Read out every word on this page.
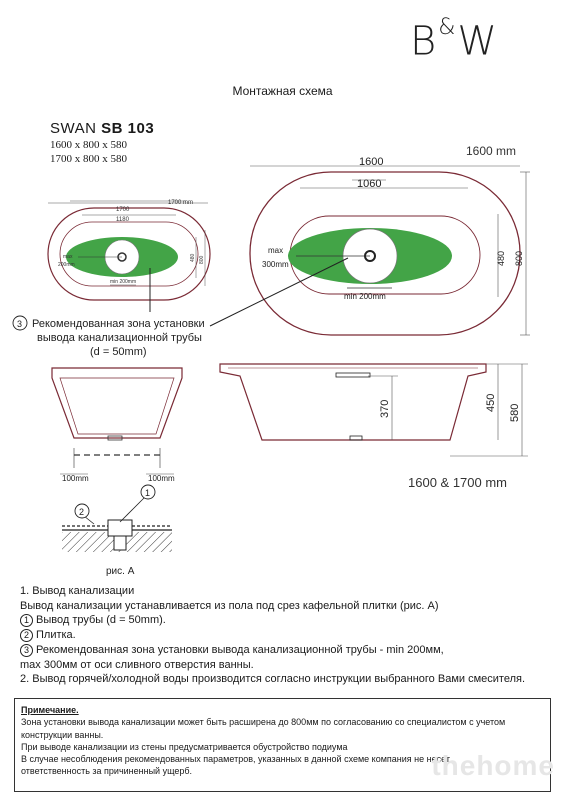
B&W
Монтажная схема
SWAN SB 103
1600 x 800 x 580
1700 x 800 x 580
1700 mm
1700
1180
max
200mm
min 200mm
480 800
1600 mm
1600
1060
max
300mm
min 200mm
480 800
100mm	100mm
1
2
рис. А
370	450
580
1600 & 1700 mm
3 Рекомендованная зона установки
вывода канализационной трубы
(d = 50mm)
1. Вывод канализации
Вывод канализации устанавливается из пола под срез кафельной плитки (рис. А)
1 Вывод трубы (d = 50mm).
2 Плитка.
3 Рекомендованная зона установки вывода канализационной трубы - min 200мм,
max 300мм от оси сливного отверстия ванны.
2. Вывод горячей/холодной воды производится согласно инструкции выбранного Вами смесителя.
Примечание.
Зона установки вывода канализации может быть расширена до 800мм по согласованию со специалистом с учетом
конструкции ванны.
При выводе канализации из стены предусматривается обустройство подиума
В случае несоблюдения рекомендованных параметров, указанных в данной схеме компания не несет
ответственность за причиненный ущерб.	thehome
